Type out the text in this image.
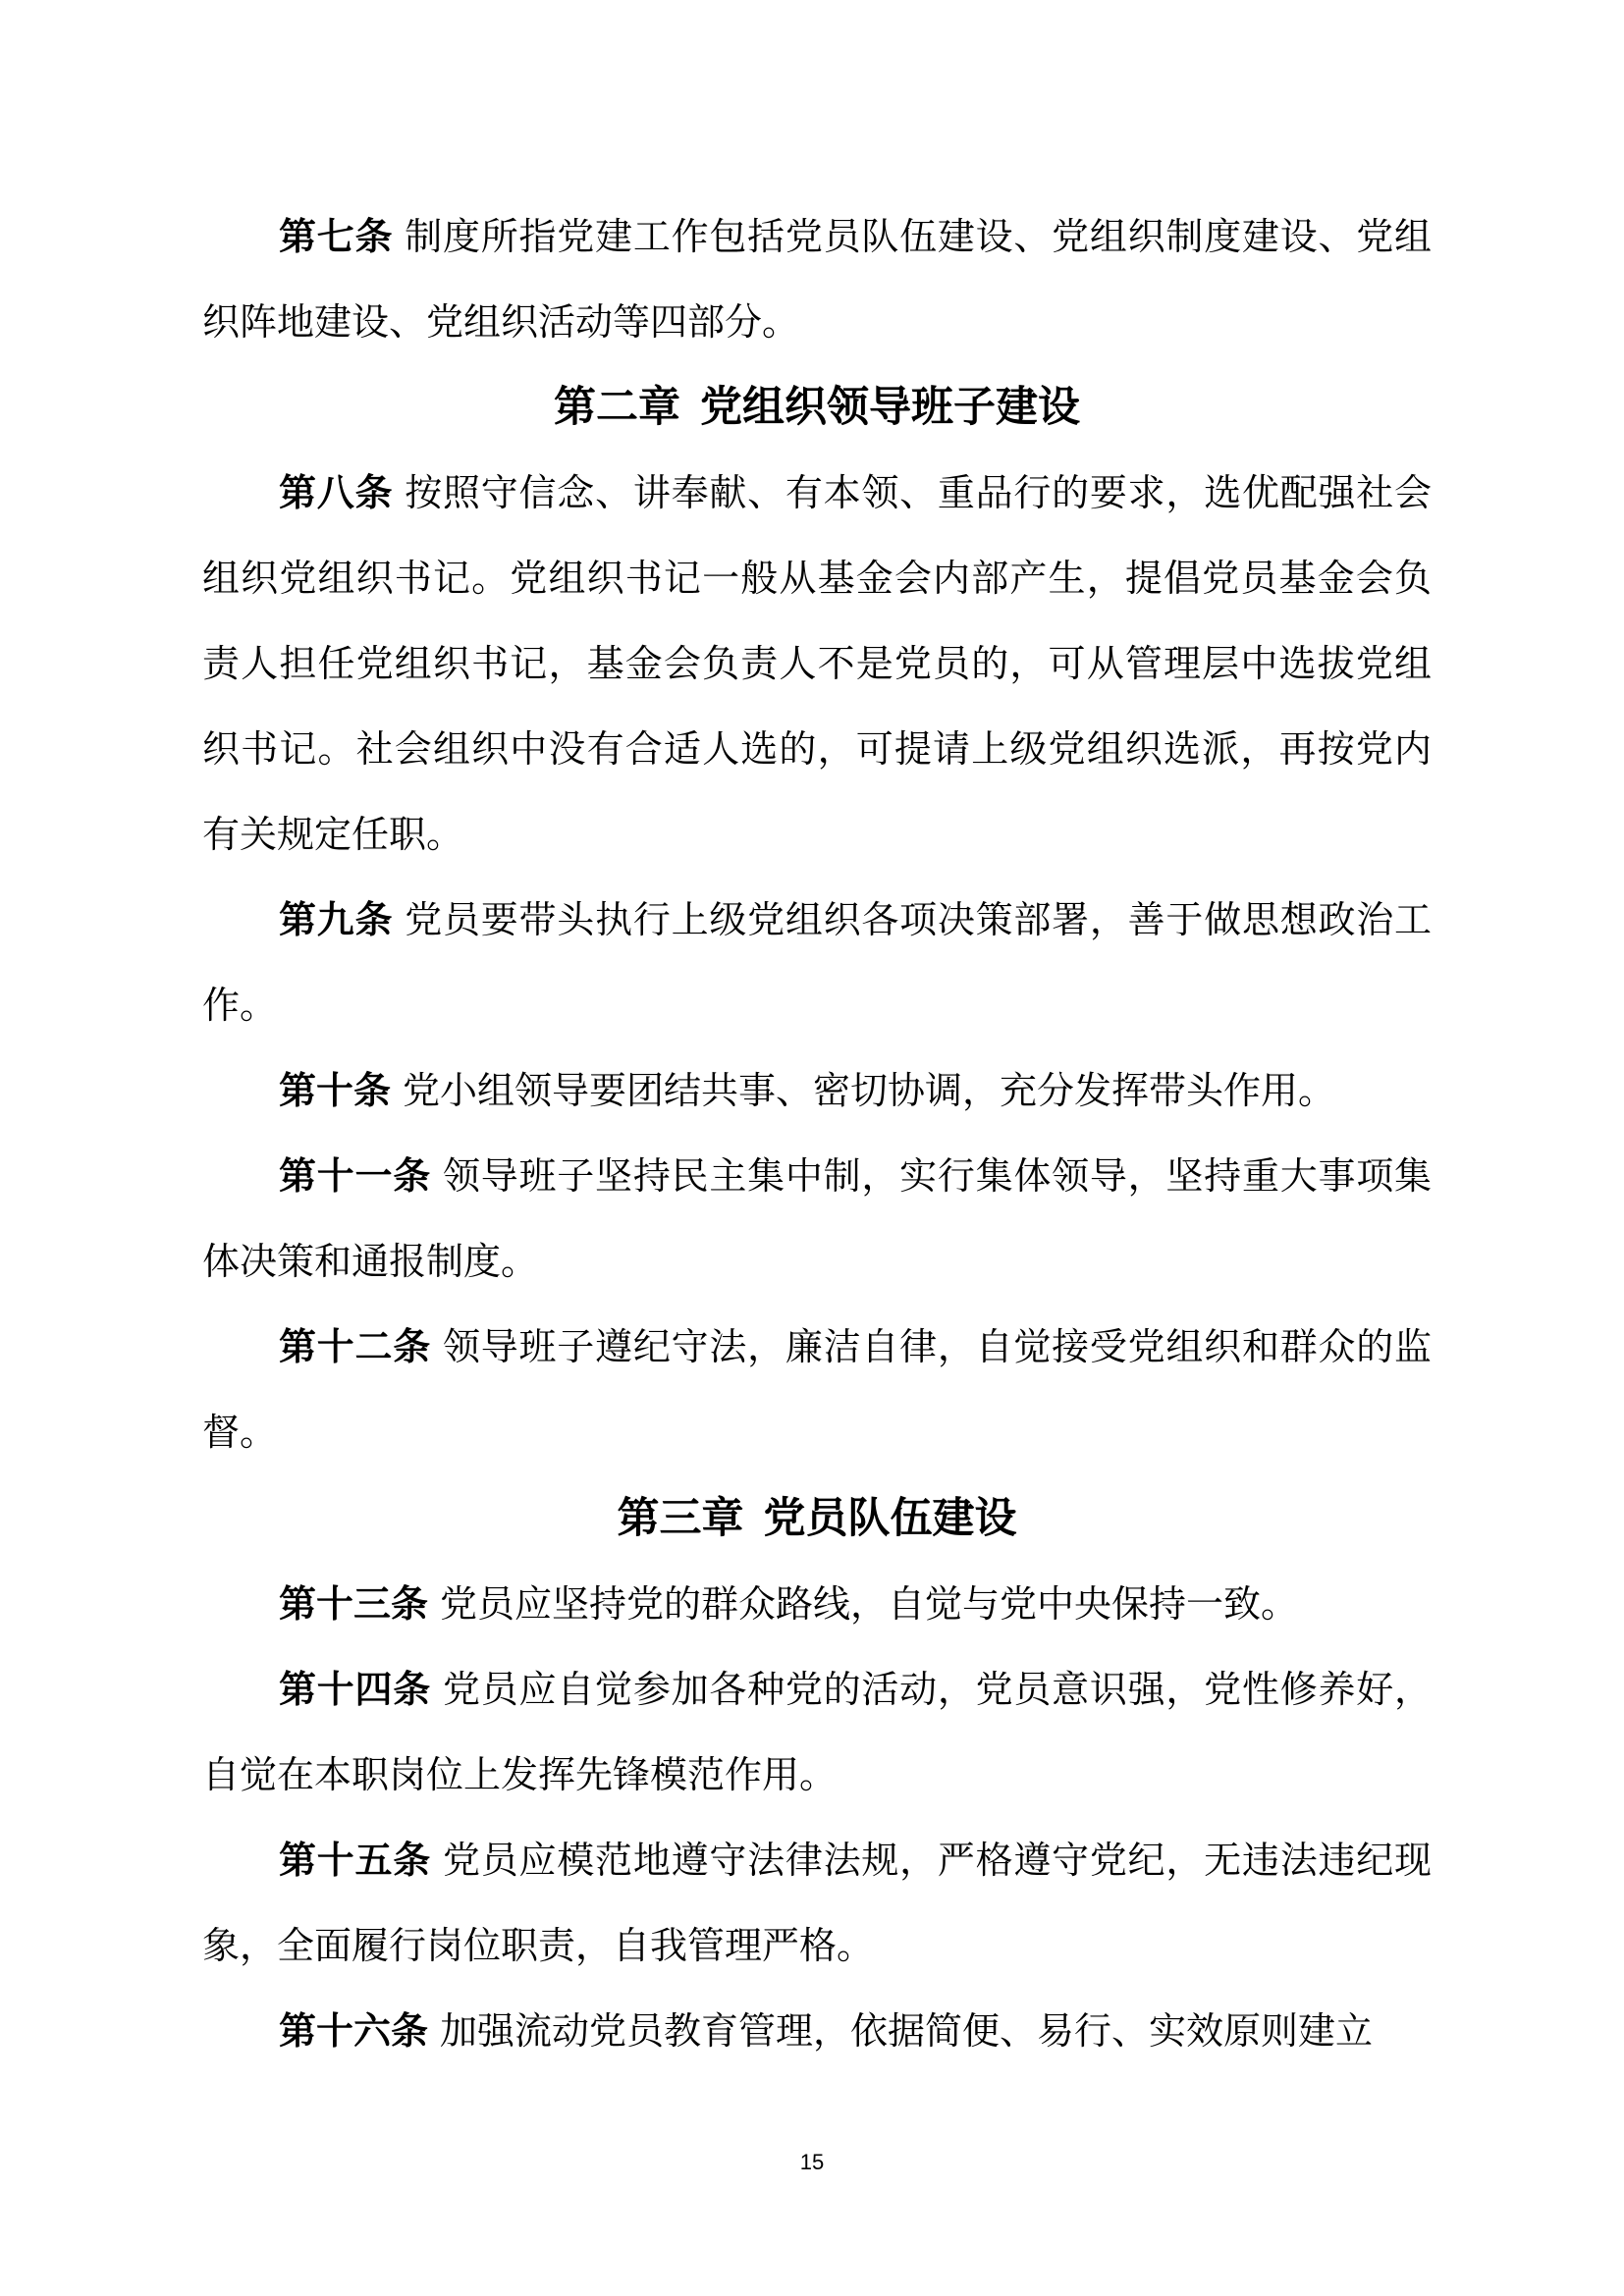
第七条 制度所指党建工作包括党员队伍建设、党组织制度建设、党组织阵地建设、党组织活动等四部分。

第二章 党组织领导班子建设

第八条 按照守信念、讲奉献、有本领、重品行的要求，选优配强社会组织党组织书记。党组织书记一般从基金会内部产生，提倡党员基金会负责人担任党组织书记，基金会负责人不是党员的，可从管理层中选拔党组织书记。社会组织中没有合适人选的，可提请上级党组织选派，再按党内有关规定任职。

第九条 党员要带头执行上级党组织各项决策部署，善于做思想政治工作。

第十条 党小组领导要团结共事、密切协调，充分发挥带头作用。

第十一条 领导班子坚持民主集中制，实行集体领导，坚持重大事项集体决策和通报制度。

第十二条 领导班子遵纪守法，廉洁自律，自觉接受党组织和群众的监督。

第三章 党员队伍建设

第十三条 党员应坚持党的群众路线，自觉与党中央保持一致。

第十四条 党员应自觉参加各种党的活动，党员意识强，党性修养好，自觉在本职岗位上发挥先锋模范作用。

第十五条 党员应模范地遵守法律法规，严格遵守党纪，无违法违纪现象，全面履行岗位职责，自我管理严格。

第十六条 加强流动党员教育管理，依据简便、易行、实效原则建立

15
